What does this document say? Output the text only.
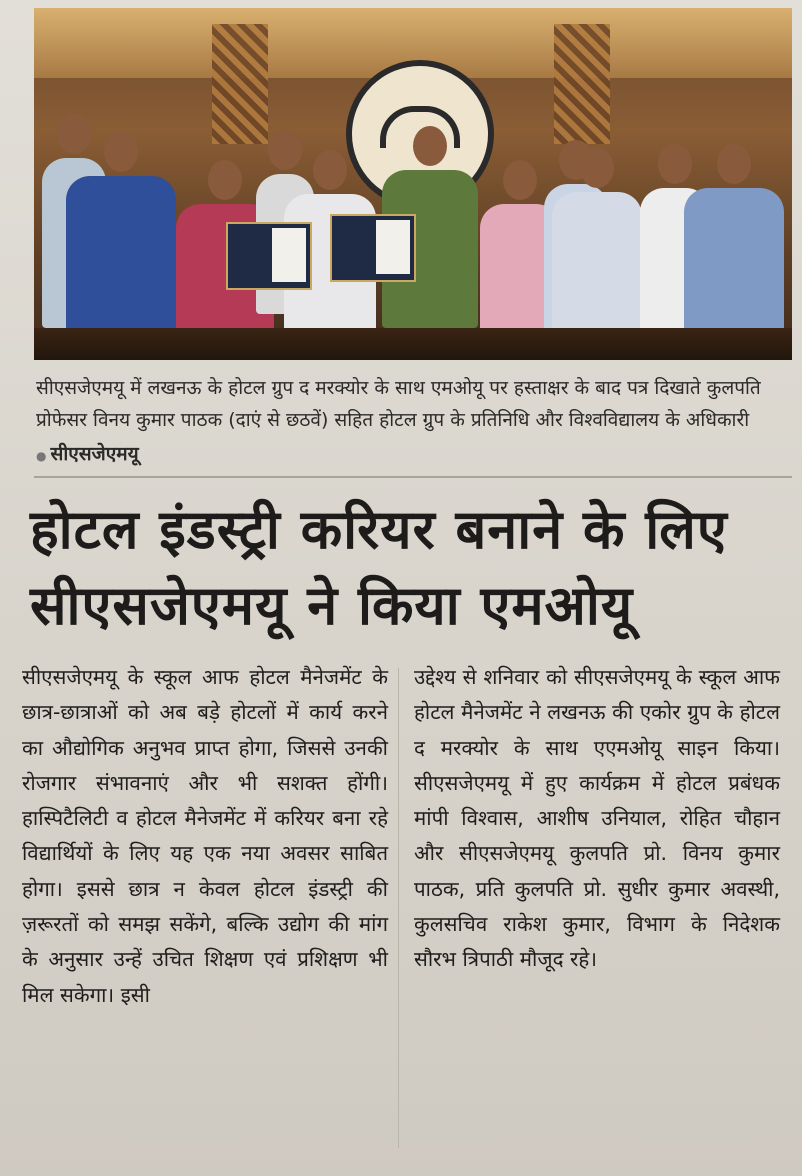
सीएसजेएमयू में लखनऊ के होटल ग्रुप द मरक्योर के साथ एमओयू पर हस्ताक्षर के बाद पत्र दिखाते कुलपति प्रोफेसर विनय कुमार पाठक (दाएं से छठवें) सहित होटल ग्रुप के प्रतिनिधि और विश्वविद्यालय के अधिकारी ● सीएसजेएमयू
होटल इंडस्ट्री करियर बनाने के लिए
सीएसजेएमयू ने किया एमओयू
सीएसजेएमयू के स्कूल आफ होटल मैनेजमेंट के छात्र-छात्राओं को अब बड़े होटलों में कार्य करने का औद्योगिक अनुभव प्राप्त होगा, जिससे उनकी रोजगार संभावनाएं और भी सशक्त होंगी। हास्पिटैलिटी व होटल मैनेजमेंट में करियर बना रहे विद्यार्थियों के लिए यह एक नया अवसर साबित होगा। इससे छात्र न केवल होटल इंडस्ट्री की ज़रूरतों को समझ सकेंगे, बल्कि उद्योग की मांग के अनुसार उन्हें उचित शिक्षण एवं प्रशिक्षण भी मिल सकेगा। इसी
उद्देश्य से शनिवार को सीएसजेएमयू के स्कूल आफ होटल मैनेजमेंट ने लखनऊ की एकोर ग्रुप के होटल द मरक्योर के साथ एएमओयू साइन किया। सीएसजेएमयू में हुए कार्यक्रम में होटल प्रबंधक मांपी विश्वास, आशीष उनियाल, रोहित चौहान और सीएसजेएमयू कुलपति प्रो. विनय कुमार पाठक, प्रति कुलपति प्रो. सुधीर कुमार अवस्थी, कुलसचिव राकेश कुमार, विभाग के निदेशक सौरभ त्रिपाठी मौजूद रहे।
